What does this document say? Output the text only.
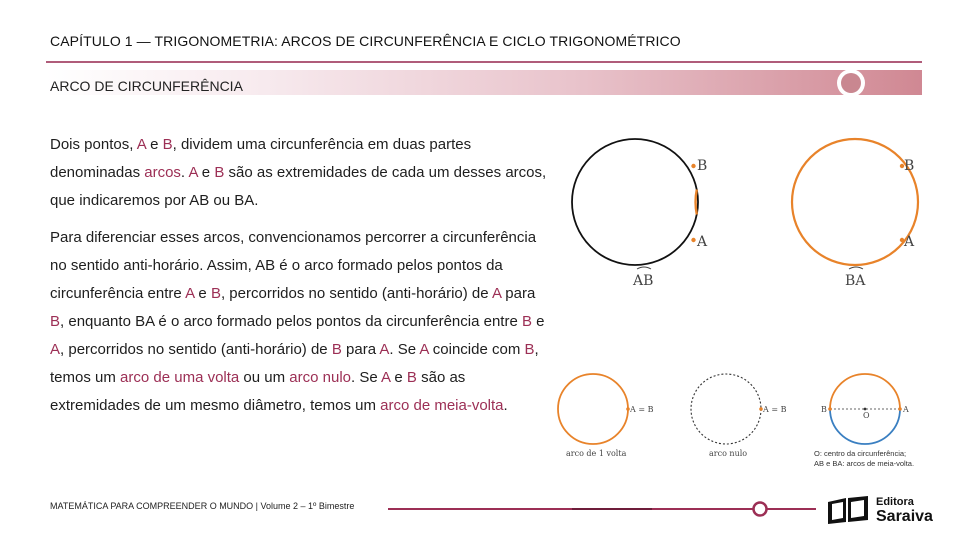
CAPÍTULO 1 — TRIGONOMETRIA: ARCOS DE CIRCUNFERÊNCIA E CICLO TRIGONOMÉTRICO
ARCO DE CIRCUNFERÊNCIA

Dois pontos, A e B, dividem uma circunferência em duas partes denominadas arcos. A e B são as extremidades de cada um desses arcos, que indicaremos por AB ou BA.

Para diferenciar esses arcos, convencionamos percorrer a circunferência no sentido anti-horário. Assim, AB é o arco formado pelos pontos da circunferência entre A e B, percorridos no sentido (anti-horário) de A para B, enquanto BA é o arco formado pelos pontos da circunferência entre B e A, percorridos no sentido (anti-horário) de B para A. Se A coincide com B, temos um arco de uma volta ou um arco nulo. Se A e B são as extremidades de um mesmo diâmetro, temos um arco de meia-volta.

B
A
AB
B
A
BA
A = B
arco de 1 volta
A = B
arco nulo
B	A
O
O: centro da circunferência;
AB e BA: arcos de meia-volta.
MATEMÁTICA PARA COMPREENDER O MUNDO | Volume 2 – 1º Bimestre	Editora
Saraiva
